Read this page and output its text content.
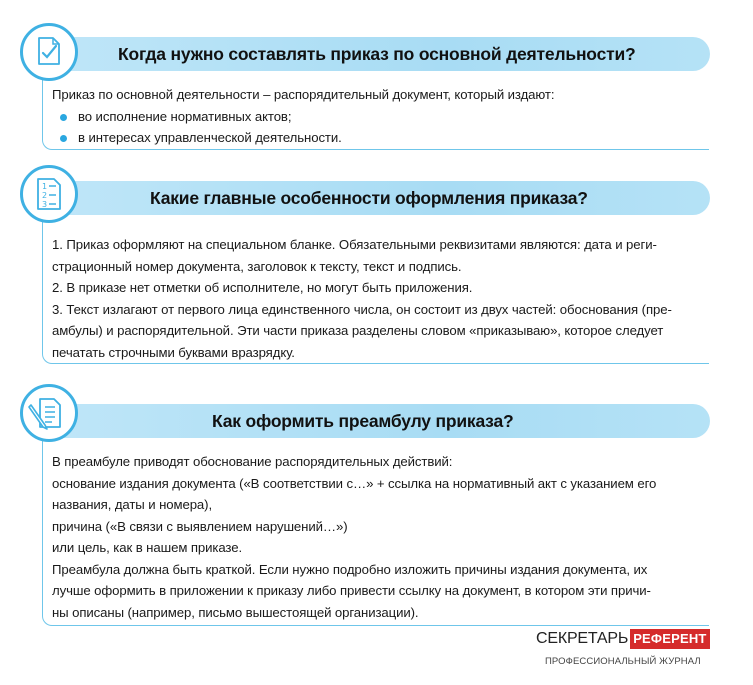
Когда нужно составлять приказ по основной деятельности?

Приказ по основной деятельности – распорядительный документ, который издают:

во исполнение нормативных актов;

в интересах управленческой деятельности.

Какие главные особенности оформления приказа?
1
2
3

1. Приказ оформляют на специальном бланке. Обязательными реквизитами являются: дата и реги-

страционный номер документа, заголовок к тексту, текст и подпись.

2. В приказе нет отметки об исполнителе, но могут быть приложения.

3. Текст излагают от первого лица единственного числа, он состоит из двух частей: обоснования (пре-

амбулы) и распорядительной. Эти части приказа разделены словом «приказываю», которое следует

печатать строчными буквами вразрядку.

Как оформить преамбулу приказа?

В преамбуле приводят обоснование распорядительных действий:

основание издания документа («В соответствии с…» + ссылка на нормативный акт с указанием его

названия, даты и номера),

причина («В связи с выявлением нарушений…»)

или цель, как в нашем приказе.

Преамбула должна быть краткой. Если нужно подробно изложить причины издания документа, их

лучше оформить в приложении к приказу либо привести ссылку на документ, в котором эти причи-

ны описаны (например, письмо вышестоящей организации).

СЕКРЕТАРЬ РЕФЕРЕНТ
ПРОФЕССИОНАЛЬНЫЙ ЖУРНАЛ
